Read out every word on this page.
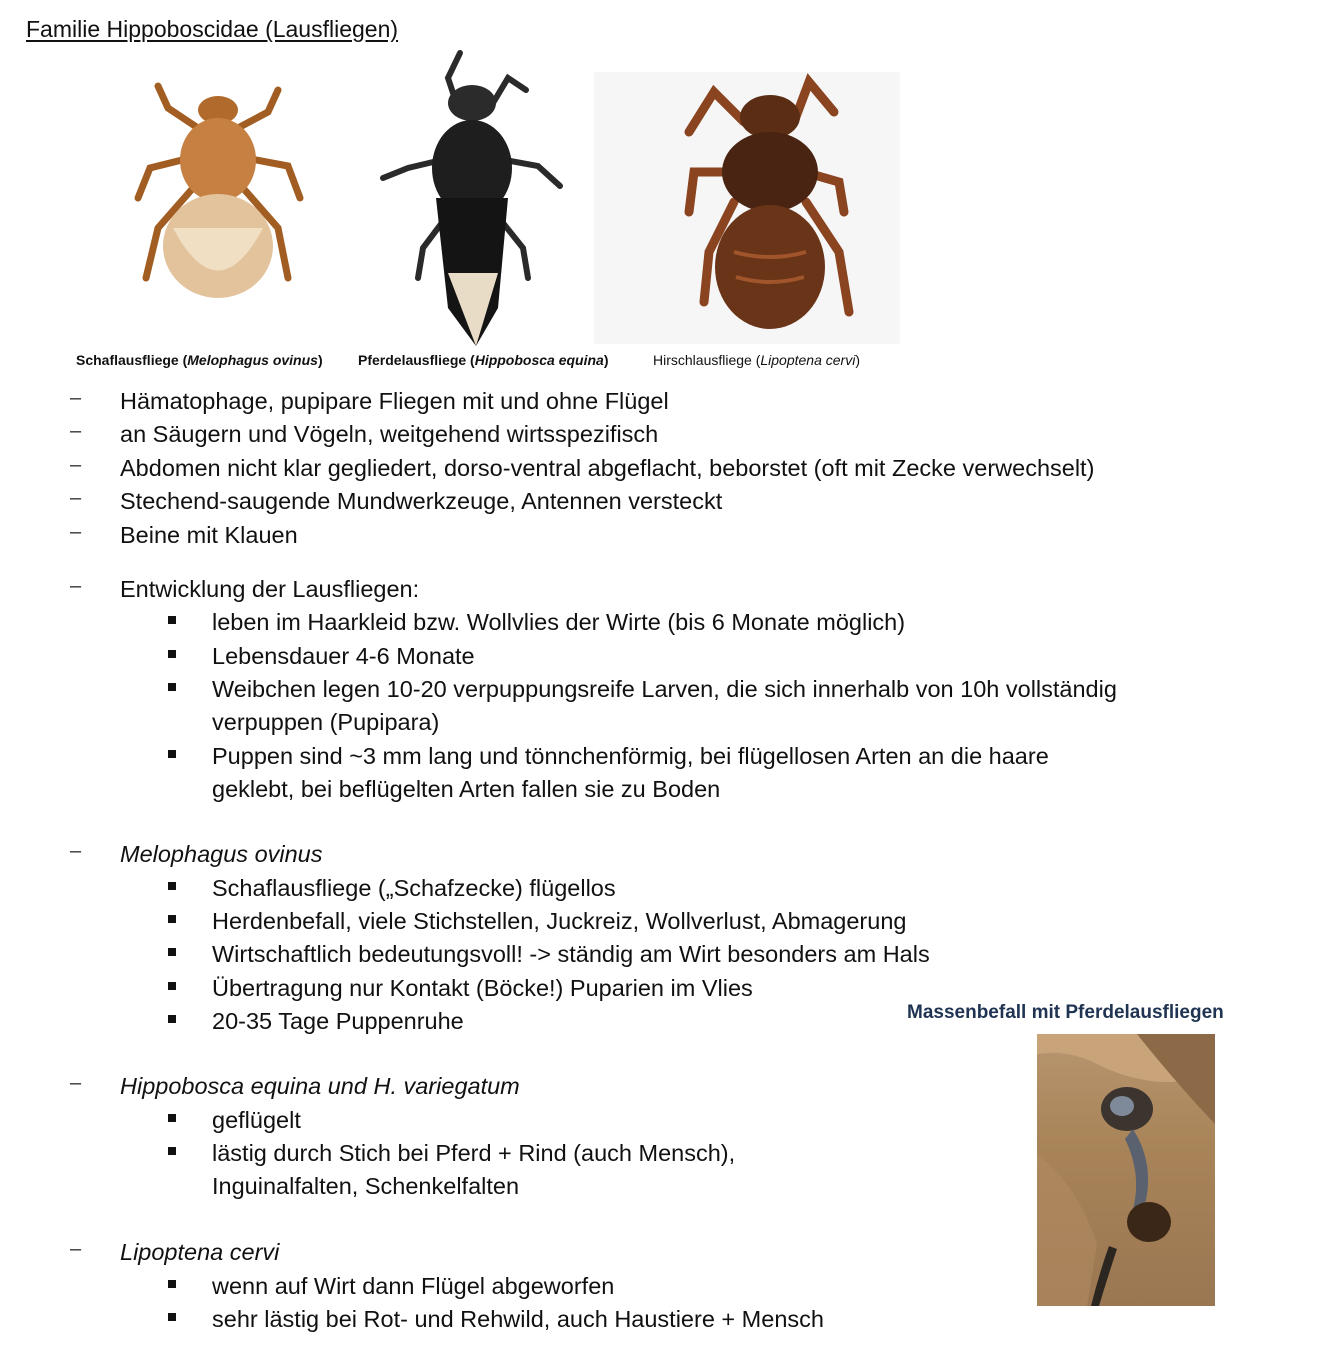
Familie Hippoboscidae (Lausfliegen)
Schaflausfliege (Melophagus ovinus)	Pferdelausfliege (Hippobosca equina)	Hirschlausfliege (Lipoptena cervi)
– Hämatophage, pupipare Fliegen mit und ohne Flügel
– an Säugern und Vögeln, weitgehend wirtsspezifisch
– Abdomen nicht klar gegliedert, dorso-ventral abgeflacht, beborstet (oft mit Zecke verwechselt)
– Stechend-saugende Mundwerkzeuge, Antennen versteckt
– Beine mit Klauen
– Entwicklung der Lausfliegen:
leben im Haarkleid bzw. Wollvlies der Wirte (bis 6 Monate möglich)
Lebensdauer 4-6 Monate
Weibchen legen 10-20 verpuppungsreife Larven, die sich innerhalb von 10h vollständig
verpuppen (Pupipara)
Puppen sind ~3 mm lang und tönnchenförmig, bei flügellosen Arten an die haare
geklebt, bei beflügelten Arten fallen sie zu Boden
– Melophagus ovinus
Schaflausfliege („Schafzecke) flügellos
Herdenbefall, viele Stichstellen, Juckreiz, Wollverlust, Abmagerung
Wirtschaftlich bedeutungsvoll! -> ständig am Wirt besonders am Hals
Übertragung nur Kontakt (Böcke!) Puparien im Vlies
20-35 Tage Puppenruhe
– Hippobosca equina und H. variegatum
geflügelt
lästig durch Stich bei Pferd + Rind (auch Mensch),
Inguinalfalten, Schenkelfalten
– Lipoptena cervi
wenn auf Wirt dann Flügel abgeworfen
sehr lästig bei Rot- und Rehwild, auch Haustiere + Mensch
Massenbefall mit Pferdelausfliegen
